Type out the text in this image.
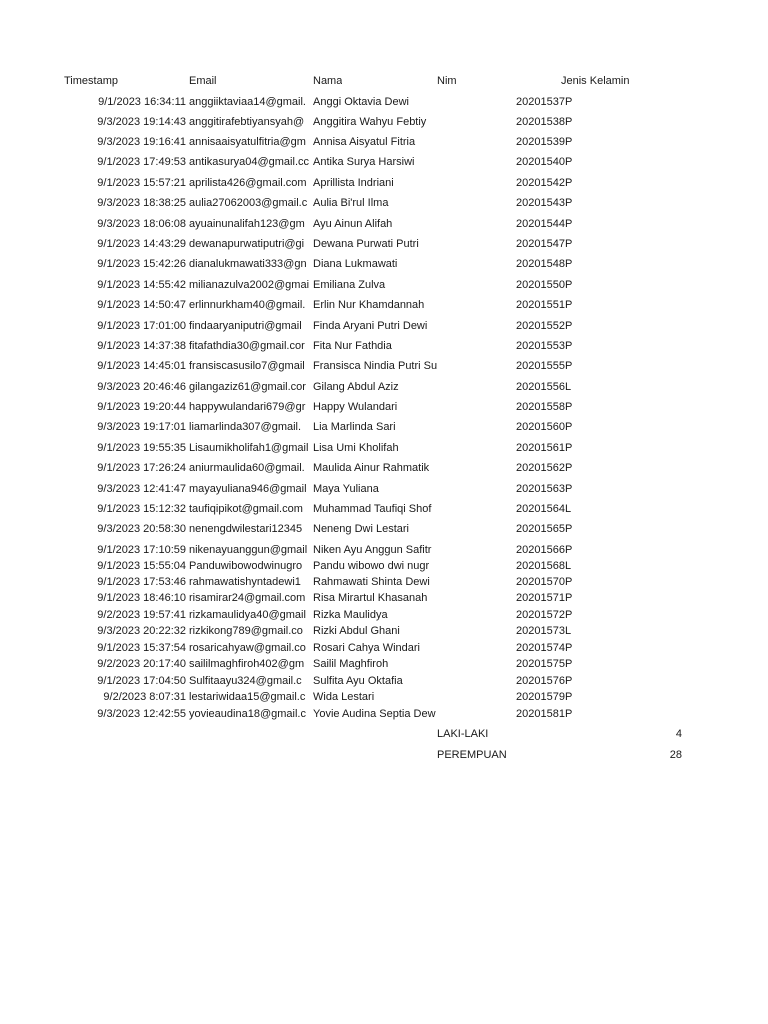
Timestamp	Email	Nama	Nim	Jenis Kelamin
9/1/2023 16:34:11 anggiiktaviaa14@gmail. Anggi Oktavia Dewi	20201537 P
9/3/2023 19:14:43 anggitirafebtiyansyah@ Anggitira Wahyu Febtiy	20201538 P
9/3/2023 19:16:41 annisaaisyatulfitria@gm Annisa Aisyatul Fitria	20201539 P
9/1/2023 17:49:53 antikasurya04@gmail.cc Antika Surya Harsiwi	20201540 P
9/1/2023 15:57:21 aprilista426@gmail.com Aprillista Indriani	20201542 P
9/3/2023 18:38:25 aulia27062003@gmail.c Aulia Bi'rul Ilma	20201543 P
9/3/2023 18:06:08 ayuainunalifah123@gm Ayu Ainun Alifah	20201544 P
9/1/2023 14:43:29 dewanapurwatiputri@gi Dewana Purwati Putri	20201547 P
9/1/2023 15:42:26 dianalukmawati333@gn Diana Lukmawati	20201548 P
9/1/2023 14:55:42 milianazulva2002@gmai Emiliana Zulva	20201550 P
9/1/2023 14:50:47 erlinnurkham40@gmail. Erlin Nur Khamdannah	20201551 P
9/1/2023 17:01:00 findaaryaniputri@gmail	Finda Aryani Putri Dewi	20201552 P
9/1/2023 14:37:38 fitafathdia30@gmail.cor Fita Nur Fathdia	20201553 P
9/1/2023 14:45:01 fransiscasusilo7@gmail Fransisca Nindia Putri Su	20201555 P
9/3/2023 20:46:46 gilangaziz61@gmail.cor Gilang Abdul Aziz	20201556 L
9/1/2023 19:20:44 happywulandari679@gr Happy Wulandari	20201558 P
9/3/2023 19:17:01 liamarlinda307@gmail.	Lia Marlinda Sari	20201560 P
9/1/2023 19:55:35 Lisaumikholifah1@gmail Lisa Umi Kholifah	20201561 P
9/1/2023 17:26:24 aniurmaulida60@gmail. Maulida Ainur Rahmatik	20201562 P
9/3/2023 12:41:47 mayayuliana946@gmail Maya Yuliana	20201563 P
9/1/2023 15:12:32 taufiqipikot@gmail.com Muhammad Taufiqi Shof	20201564 L
9/3/2023 20:58:30 nenengdwilestari12345 Neneng Dwi Lestari	20201565 P
9/1/2023 17:10:59 nikenayuanggun@gmail Niken Ayu Anggun Safitr	20201566 P
9/1/2023 15:55:04 Panduwibowodwinugro Pandu wibowo dwi nugr	20201568 L
9/1/2023 17:53:46 rahmawatishyntadewi1	Rahmawati Shinta Dewi	20201570 P
9/1/2023 18:46:10 risamirar24@gmail.com Risa Mirartul Khasanah	20201571 P
9/2/2023 19:57:41 rizkamaulidya40@gmail Rizka Maulidya	20201572 P
9/3/2023 20:22:32 rizkikong789@gmail.co Rizki Abdul Ghani	20201573 L
9/1/2023 15:37:54 rosaricahyaw@gmail.co Rosari Cahya Windari	20201574 P
9/2/2023 20:17:40 saililmaghfiroh402@gm Sailil Maghfiroh	20201575 P
9/1/2023 17:04:50 Sulfitaayu324@gmail.c	Sulfita Ayu Oktafia	20201576 P
9/2/2023 8:07:31 lestariwidaa15@gmail.c Wida Lestari	20201579 P
9/3/2023 12:42:55 yovieaudina18@gmail.c Yovie Audina Septia Dew	20201581 P
LAKI-LAKI	4
PEREMPUAN	28
